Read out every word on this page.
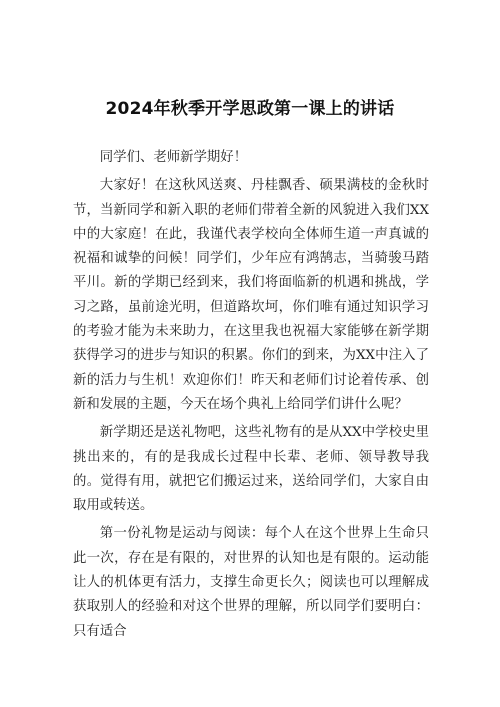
2024年秋季开学思政第一课上的讲话

同学们、老师新学期好！

大家好！在这秋风送爽、丹桂飘香、硕果满枝的金秋时节，当新同学和新入职的老师们带着全新的风貌进入我们XX中的大家庭！在此，我谨代表学校向全体师生道一声真诚的祝福和诚挚的问候！同学们，少年应有鸿鹄志，当骑骏马踏平川。新的学期已经到来，我们将面临新的机遇和挑战，学习之路，虽前途光明，但道路坎坷，你们唯有通过知识学习的考验才能为未来助力，在这里我也祝福大家能够在新学期获得学习的进步与知识的积累。你们的到来，为XX中注入了新的活力与生机！欢迎你们！昨天和老师们讨论着传承、创新和发展的主题，今天在场个典礼上给同学们讲什么呢？

新学期还是送礼物吧，这些礼物有的是从XX中学校史里挑出来的，有的是我成长过程中长辈、老师、领导教导我的。觉得有用，就把它们搬运过来，送给同学们，大家自由取用或转送。

第一份礼物是运动与阅读：每个人在这个世界上生命只此一次，存在是有限的，对世界的认知也是有限的。运动能让人的机体更有活力，支撑生命更长久；阅读也可以理解成获取别人的经验和对这个世界的理解，所以同学们要明白：只有适合
